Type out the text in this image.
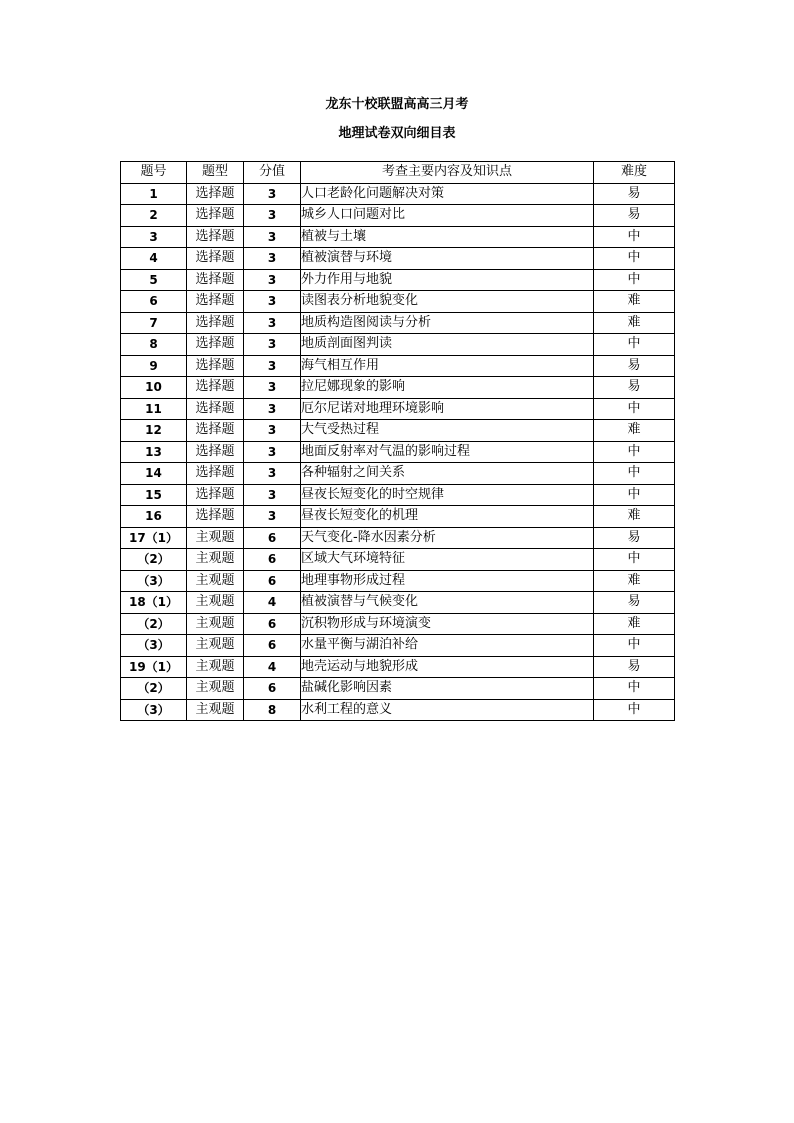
龙东十校联盟高高三月考
地理试卷双向细目表
题号	题型	分值	考查主要内容及知识点	难度
1	选择题	3	人口老龄化问题解决对策	易
2	选择题	3	城乡人口问题对比	易
3	选择题	3	植被与土壤	中
4	选择题	3	植被演替与环境	中
5	选择题	3	外力作用与地貌	中
6	选择题	3	读图表分析地貌变化	难
7	选择题	3	地质构造图阅读与分析	难
8	选择题	3	地质剖面图判读	中
9	选择题	3	海气相互作用	易
10	选择题	3	拉尼娜现象的影响	易
11	选择题	3	厄尔尼诺对地理环境影响	中
12	选择题	3	大气受热过程	难
13	选择题	3	地面反射率对气温的影响过程	中
14	选择题	3	各种辐射之间关系	中
15	选择题	3	昼夜长短变化的时空规律	中
16	选择题	3	昼夜长短变化的机理	难
17（1）	主观题	6	天气变化-降水因素分析	易
（2）	主观题	6	区域大气环境特征	中
（3）	主观题	6	地理事物形成过程	难
18（1）	主观题	4	植被演替与气候变化	易
（2）	主观题	6	沉积物形成与环境演变	难
（3）	主观题	6	水量平衡与湖泊补给	中
19（1）	主观题	4	地壳运动与地貌形成	易
（2）	主观题	6	盐碱化影响因素	中
（3）	主观题	8	水利工程的意义	中
